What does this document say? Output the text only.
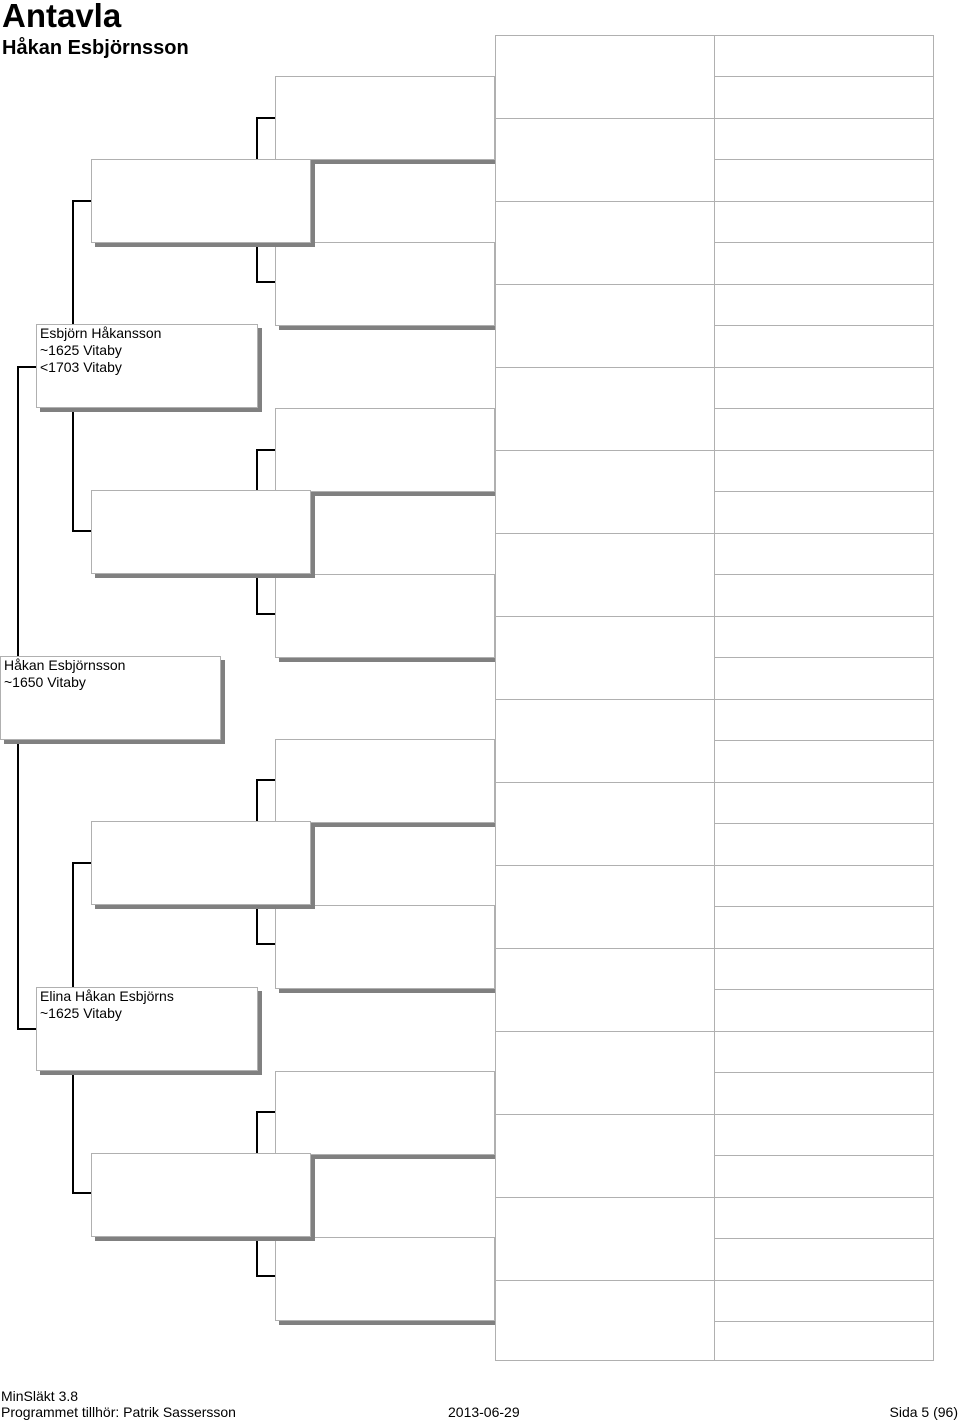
Antavla
Håkan Esbjörnsson
Esbjörn Håkansson
~1625 Vitaby
<1703 Vitaby
Elina Håkan Esbjörns
~1625 Vitaby
Håkan Esbjörnsson
~1650 Vitaby
MinSläkt 3.8
Programmet tillhör: Patrik Sassersson	2013-06-29	Sida 5 (96)
